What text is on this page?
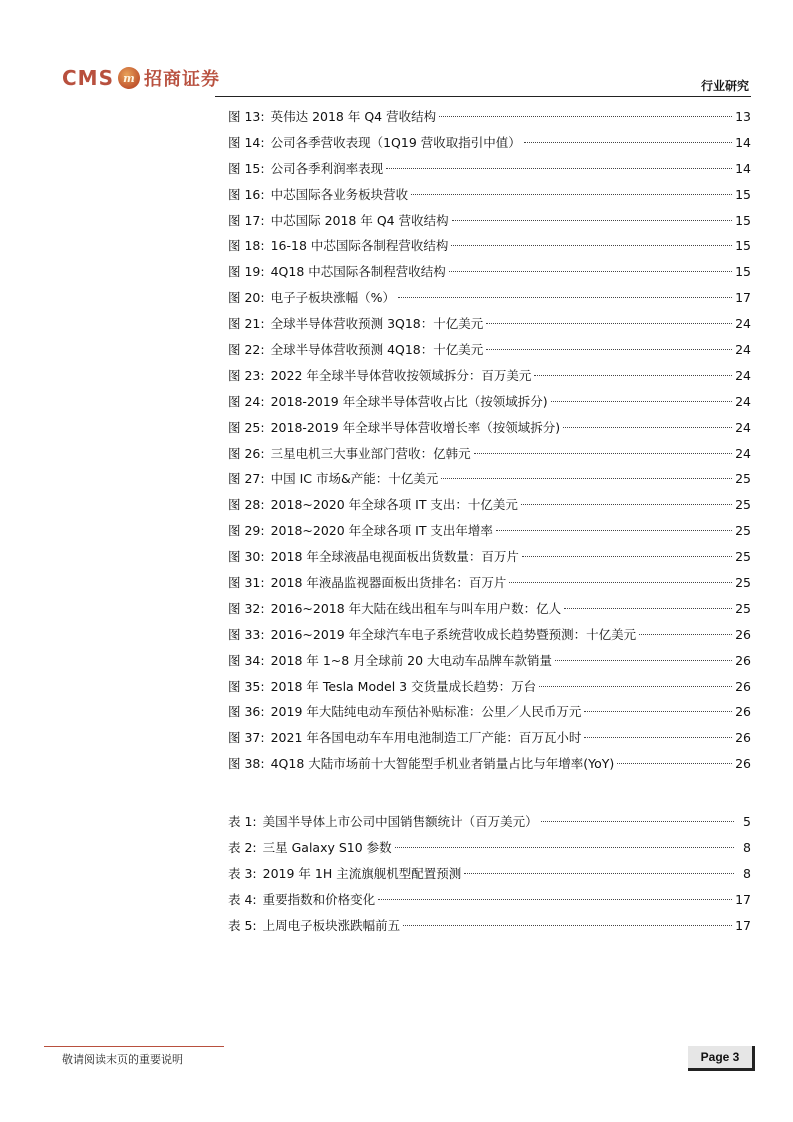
CMS m 招商证券	行业研究
图 13: 英伟达 2018 年 Q4 营收结构	13
图 14: 公司各季营收表现（1Q19 营收取指引中值）	14
图 15: 公司各季利润率表现	14
图 16: 中芯国际各业务板块营收	15
图 17: 中芯国际 2018 年 Q4 营收结构	15
图 18: 16-18 中芯国际各制程营收结构	15
图 19: 4Q18 中芯国际各制程营收结构	15
图 20: 电子子板块涨幅（%）	17
图 21: 全球半导体营收预测 3Q18：十亿美元	24
图 22: 全球半导体营收预测 4Q18：十亿美元	24
图 23: 2022 年全球半导体营收按领域拆分：百万美元	24
图 24: 2018-2019 年全球半导体营收占比（按领域拆分)	24
图 25: 2018-2019 年全球半导体营收增长率（按领域拆分)	24
图 26: 三星电机三大事业部门营收：亿韩元	24
图 27: 中国 IC 市场&产能：十亿美元	25
图 28: 2018~2020 年全球各项 IT 支出：十亿美元	25
图 29: 2018~2020 年全球各项 IT 支出年增率	25
图 30: 2018 年全球液晶电视面板出货数量：百万片	25
图 31: 2018 年液晶监视器面板出货排名：百万片	25
图 32: 2016~2018 年大陆在线出租车与叫车用户数：亿人	25
图 33: 2016~2019 年全球汽车电子系统营收成长趋势暨预测：十亿美元	26
图 34: 2018 年 1~8 月全球前 20 大电动车品牌车款销量	26
图 35: 2018 年 Tesla Model 3 交货量成长趋势：万台	26
图 36: 2019 年大陆纯电动车预估补贴标准：公里／人民币万元	26
图 37: 2021 年各国电动车车用电池制造工厂产能：百万瓦小时	26
图 38: 4Q18 大陆市场前十大智能型手机业者销量占比与年增率(YoY)	26
表 1: 美国半导体上市公司中国销售额统计（百万美元）	5
表 2: 三星 Galaxy S10 参数	8
表 3: 2019 年 1H 主流旗舰机型配置预测	8
表 4: 重要指数和价格变化	17
表 5: 上周电子板块涨跌幅前五	17
敬请阅读末页的重要说明	Page 3
